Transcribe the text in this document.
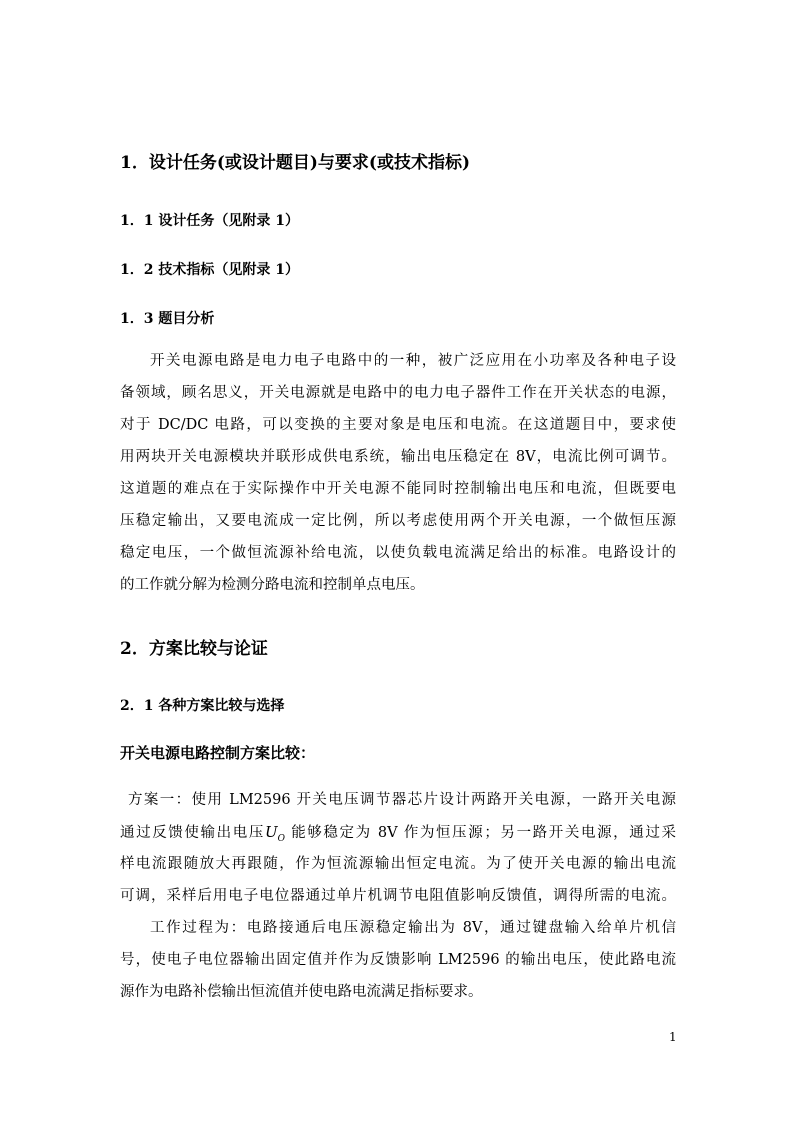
1．设计任务(或设计题目)与要求(或技术指标)
1．1 设计任务（见附录 1）
1．2 技术指标（见附录 1）
1．3 题目分析
开关电源电路是电力电子电路中的一种，被广泛应用在小功率及各种电子设
备领域，顾名思义，开关电源就是电路中的电力电子器件工作在开关状态的电源，
对于 DC/DC 电路，可以变换的主要对象是电压和电流。在这道题目中，要求使
用两块开关电源模块并联形成供电系统，输出电压稳定在 8V，电流比例可调节。
这道题的难点在于实际操作中开关电源不能同时控制输出电压和电流，但既要电
压稳定输出，又要电流成一定比例，所以考虑使用两个开关电源，一个做恒压源
稳定电压，一个做恒流源补给电流，以使负载电流满足给出的标准。电路设计的
的工作就分解为检测分路电流和控制单点电压。
2．方案比较与论证
2．1 各种方案比较与选择
开关电源电路控制方案比较：
方案一：使用 LM2596 开关电压调节器芯片设计两路开关电源，一路开关电源
通过反馈使输出电压$U_O$ 能够稳定为 8V 作为恒压源；另一路开关电源，通过采
样电流跟随放大再跟随，作为恒流源输出恒定电流。为了使开关电源的输出电流
可调，采样后用电子电位器通过单片机调节电阻值影响反馈值，调得所需的电流。
工作过程为：电路接通后电压源稳定输出为 8V，通过键盘输入给单片机信
号，使电子电位器输出固定值并作为反馈影响 LM2596 的输出电压，使此路电流
源作为电路补偿输出恒流值并使电路电流满足指标要求。
1
